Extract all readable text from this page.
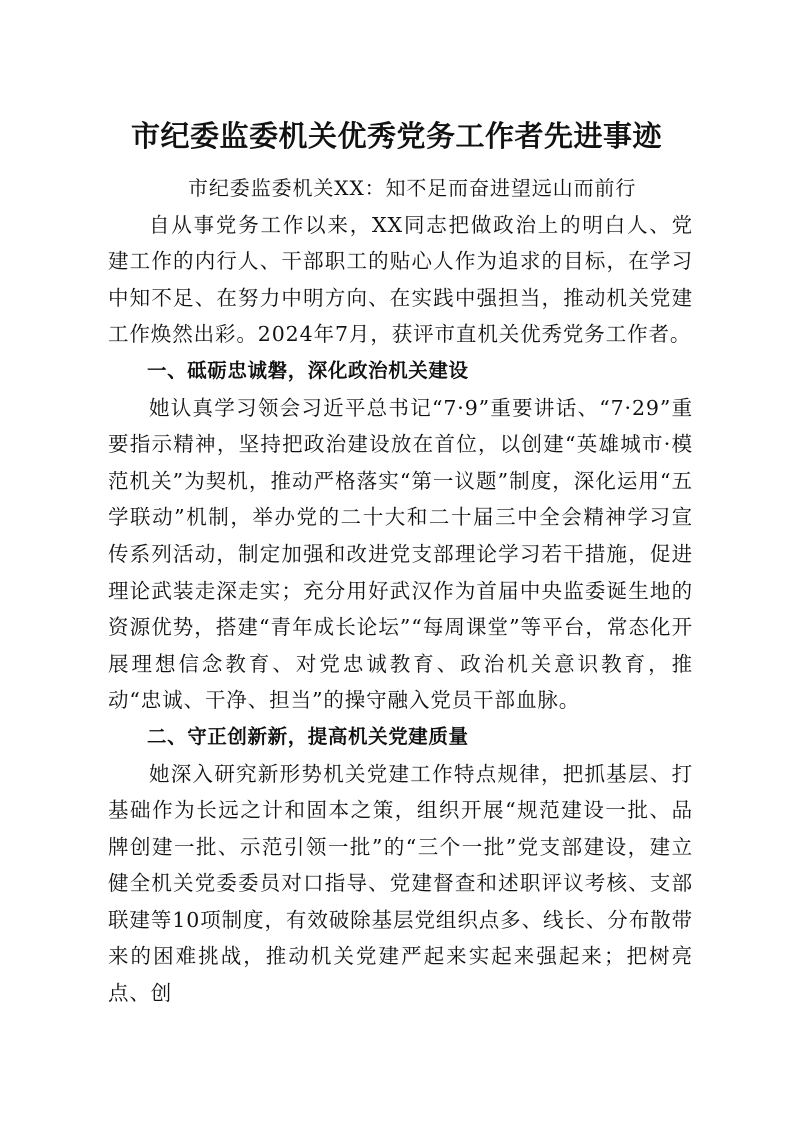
市纪委监委机关优秀党务工作者先进事迹
市纪委监委机关XX：知不足而奋进望远山而前行

自从事党务工作以来，XX同志把做政治上的明白人、党建工作的内行人、干部职工的贴心人作为追求的目标，在学习中知不足、在努力中明方向、在实践中强担当，推动机关党建工作焕然出彩。2024年7月，获评市直机关优秀党务工作者。

一、砥砺忠诚磐，深化政治机关建设

她认真学习领会习近平总书记“7·9”重要讲话、“7·29”重要指示精神，坚持把政治建设放在首位，以创建“英雄城市·模范机关”为契机，推动严格落实“第一议题”制度，深化运用“五学联动”机制，举办党的二十大和二十届三中全会精神学习宣传系列活动，制定加强和改进党支部理论学习若干措施，促进理论武装走深走实；充分用好武汉作为首届中央监委诞生地的资源优势，搭建“青年成长论坛”“每周课堂”等平台，常态化开展理想信念教育、对党忠诚教育、政治机关意识教育，推动“忠诚、干净、担当”的操守融入党员干部血脉。

二、守正创新新，提高机关党建质量

她深入研究新形势机关党建工作特点规律，把抓基层、打基础作为长远之计和固本之策，组织开展“规范建设一批、品牌创建一批、示范引领一批”的“三个一批”党支部建设，建立健全机关党委委员对口指导、党建督查和述职评议考核、支部联建等10项制度，有效破除基层党组织点多、线长、分布散带来的困难挑战，推动机关党建严起来实起来强起来；把树亮点、创
